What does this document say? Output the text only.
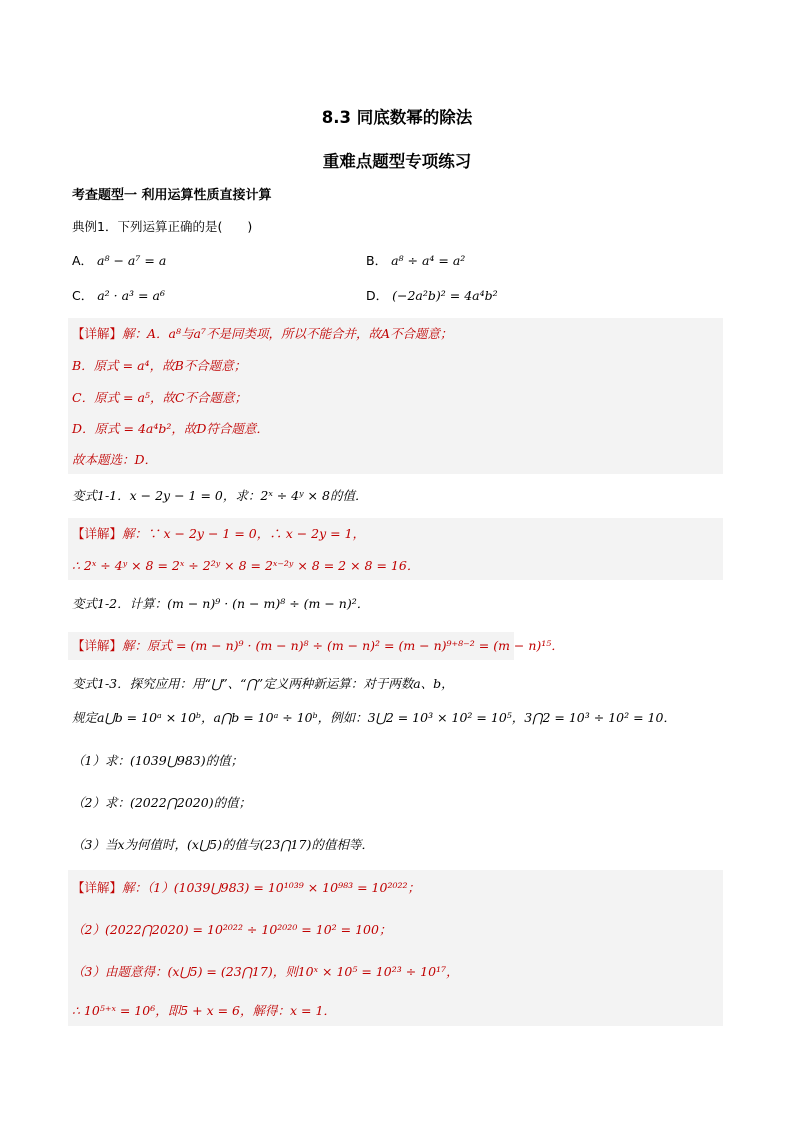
8.3 同底数幂的除法
重难点题型专项练习
考查题型一 利用运算性质直接计算
典例1．下列运算正确的是(　　)
A． a⁸ − a⁷ = a	B． a⁸ ÷ a⁴ = a²
C． a² · a³ = a⁶	D． (−2a²b)² = 4a⁴b²
【详解】解：A．a⁸与a⁷不是同类项，所以不能合并，故A不合题意；
B．原式 = a⁴，故B不合题意；
C．原式 = a⁵，故C不合题意；
D．原式 = 4a⁴b²，故D符合题意．
故本题选：D．
变式1-1．x − 2y − 1 = 0，求：2ˣ ÷ 4ʸ × 8的值．
【详解】解：∵ x − 2y − 1 = 0，∴ x − 2y = 1，
∴ 2ˣ ÷ 4ʸ × 8 = 2ˣ ÷ 2²ʸ × 8 = 2ˣ⁻²ʸ × 8 = 2 × 8 = 16．
变式1-2．计算：(m − n)⁹ · (n − m)⁸ ÷ (m − n)²．
【详解】解：原式 = (m − n)⁹ · (m − n)⁸ ÷ (m − n)² = (m − n)⁹⁺⁸⁻² = (m − n)¹⁵．
变式1-3．探究应用：用“⋃”、“⋂”定义两种新运算：对于两数a、b，
规定a⋃b = 10ᵃ × 10ᵇ，a⋂b = 10ᵃ ÷ 10ᵇ，例如：3⋃2 = 10³ × 10² = 10⁵，3⋂2 = 10³ ÷ 10² = 10．
（1）求：(1039⋃983)的值；
（2）求：(2022⋂2020)的值；
（3）当x为何值时，(x⋃5)的值与(23⋂17)的值相等．
【详解】解：（1）(1039⋃983) = 10¹⁰³⁹ × 10⁹⁸³ = 10²⁰²²；
（2）(2022⋂2020) = 10²⁰²² ÷ 10²⁰²⁰ = 10² = 100；
（3）由题意得：(x⋃5) = (23⋂17)，则10ˣ × 10⁵ = 10²³ ÷ 10¹⁷，
∴ 10⁵⁺ˣ = 10⁶，即5 + x = 6，解得：x = 1．
